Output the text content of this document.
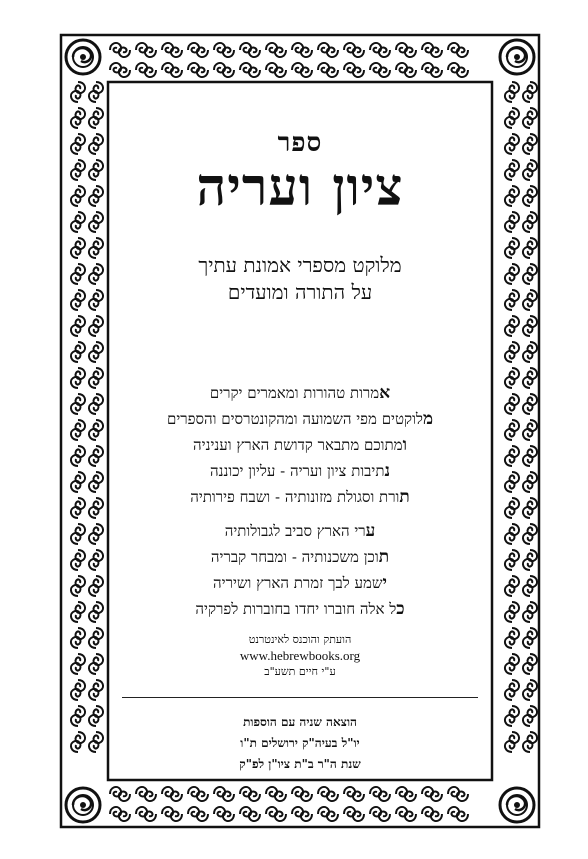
ספר
ציון ועריה
מלוקט מספרי אמונת עתיך
על התורה ומועדים
אמרות טהורות ומאמרים יקרים
מלוקטים מפי השמועה ומהקונטרסים והספרים
ומתוכם מתבאר קדושת הארץ ועניניה
נתיבות ציון ועריה - עליון יכוננה
תורת וסגולת מזונותיה - ושבח פירותיה
ערי הארץ סביב לגבולותיה
תוכן משכנותיה - ומבחר קבריה
ישמע לבך זמרת הארץ ושיריה
כל אלה חוברו יחדו בחוברות לפרקיה
הועתק והוכנס לאינטרנט
www.hebrewbooks.org
ע"י חיים תשע"ב
הוצאה שניה עם הוספות
יו"ל בעיה"ק ירושלים ת"ו
שנת ה"ר ב"ת ציו"ן לפ"ק
